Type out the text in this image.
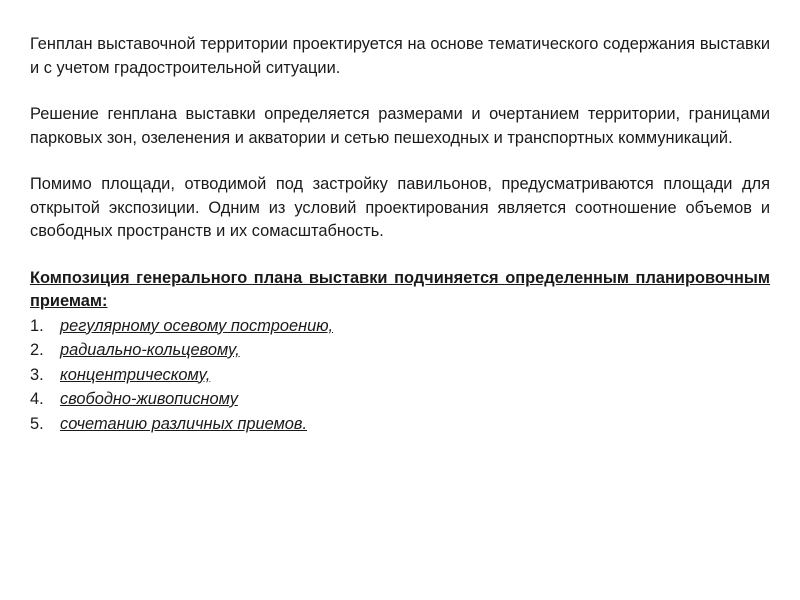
Генплан выставочной территории проектируется на основе тематического содержания выставки и с учетом градостроительной ситуации.

Решение генплана выставки определяется размерами и очертанием территории, границами парковых зон, озеленения и акватории и сетью пешеходных и транспортных коммуникаций.

Помимо площади, отводимой под застройку павильонов, предусматриваются площади для открытой экспозиции. Одним из условий проектирования является соотношение объемов и свободных пространств и их сомасштабность.

Композиция генерального плана выставки подчиняется определенным планировочным приемам:

1. регулярному осевому построению,
2. радиально-кольцевому,
3. концентрическому,
4. свободно-живописному
5. сочетанию различных приемов.
